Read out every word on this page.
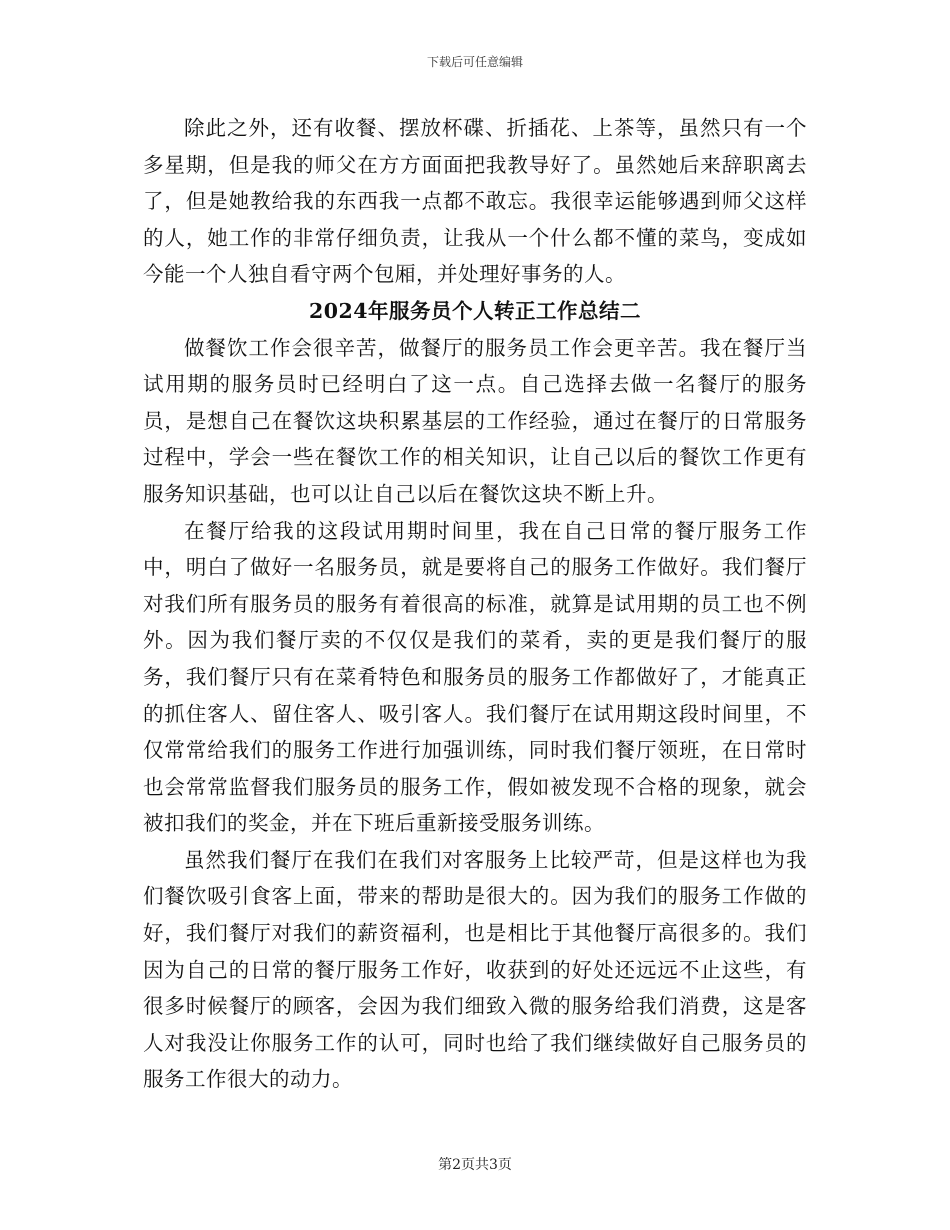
下载后可任意编辑

除此之外，还有收餐、摆放杯碟、折插花、上茶等，虽然只有一个多星期，但是我的师父在方方面面把我教导好了。虽然她后来辞职离去了，但是她教给我的东西我一点都不敢忘。我很幸运能够遇到师父这样的人，她工作的非常仔细负责，让我从一个什么都不懂的菜鸟，变成如今能一个人独自看守两个包厢，并处理好事务的人。

2024年服务员个人转正工作总结二

做餐饮工作会很辛苦，做餐厅的服务员工作会更辛苦。我在餐厅当试用期的服务员时已经明白了这一点。自己选择去做一名餐厅的服务员，是想自己在餐饮这块积累基层的工作经验，通过在餐厅的日常服务过程中，学会一些在餐饮工作的相关知识，让自己以后的餐饮工作更有服务知识基础，也可以让自己以后在餐饮这块不断上升。

在餐厅给我的这段试用期时间里，我在自己日常的餐厅服务工作中，明白了做好一名服务员，就是要将自己的服务工作做好。我们餐厅对我们所有服务员的服务有着很高的标准，就算是试用期的员工也不例外。因为我们餐厅卖的不仅仅是我们的菜肴，卖的更是我们餐厅的服务，我们餐厅只有在菜肴特色和服务员的服务工作都做好了，才能真正的抓住客人、留住客人、吸引客人。我们餐厅在试用期这段时间里，不仅常常给我们的服务工作进行加强训练，同时我们餐厅领班，在日常时也会常常监督我们服务员的服务工作，假如被发现不合格的现象，就会被扣我们的奖金，并在下班后重新接受服务训练。

虽然我们餐厅在我们在我们对客服务上比较严苛，但是这样也为我们餐饮吸引食客上面，带来的帮助是很大的。因为我们的服务工作做的好，我们餐厅对我们的薪资福利，也是相比于其他餐厅高很多的。我们因为自己的日常的餐厅服务工作好，收获到的好处还远远不止这些，有很多时候餐厅的顾客，会因为我们细致入微的服务给我们消费，这是客人对我没让你服务工作的认可，同时也给了我们继续做好自己服务员的服务工作很大的动力。

第2页共3页
